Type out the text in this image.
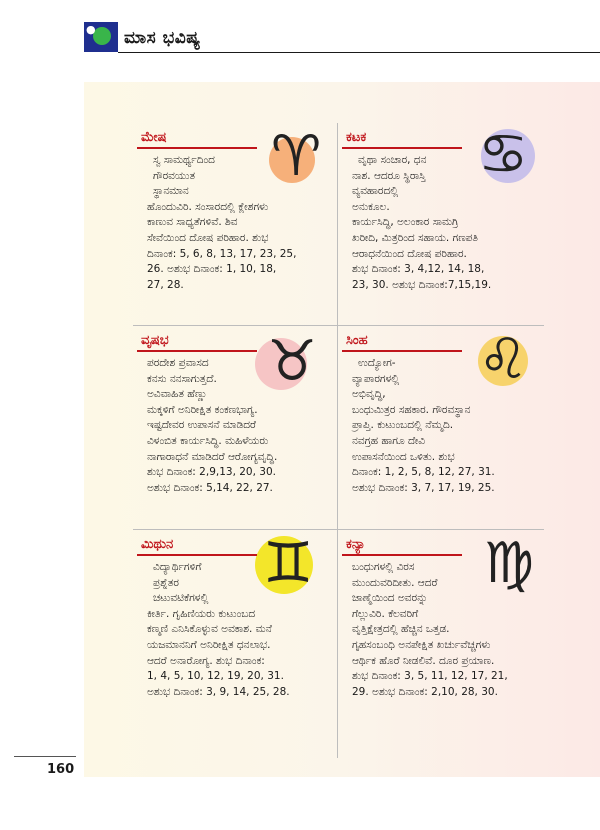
● ಮಾಸ ಭವಿಷ್ಯ
♈
ಮೇಷ
ಸ್ವ ಸಾಮರ್ಥ್ಯದಿಂದ
ಗೌರವಯುತ
ಸ್ಥಾನಮಾನ
ಹೊಂದುವಿರಿ. ಸಂಸಾರದಲ್ಲಿ ಕ್ಲೇಶಗಳು
ಕಾಣುವ ಸಾಧ್ಯತೆಗಳಿವೆ. ಶಿವ
ಸೇವೆಯಿಂದ ದೋಷ ಪರಿಹಾರ. ಶುಭ
ದಿನಾಂಕ: 5, 6, 8, 13, 17, 23, 25,
26. ಅಶುಭ ದಿನಾಂಕ: 1, 10, 18,
27, 28.
♋
ಕಟಕ
ವೃಥಾ ಸಂಚಾರ, ಧನ
ನಾಶ. ಆದರೂ ಸ್ಥಿರಾಸ್ತಿ
ವ್ಯವಹಾರದಲ್ಲಿ
ಅನುಕೂಲ.
ಕಾರ್ಯಸಿದ್ಧಿ, ಅಲಂಕಾರ ಸಾಮಗ್ರಿ
ಖರೀದಿ, ಮಿತ್ರರಿಂದ ಸಹಾಯ. ಗಣಪತಿ
ಆರಾಧನೆಯಿಂದ ದೋಷ ಪರಿಹಾರ.
ಶುಭ ದಿನಾಂಕ: 3, 4,12, 14, 18,
23, 30. ಅಶುಭ ದಿನಾಂಕ:7,15,19.
♉
ವೃಷಭ
ಪರದೇಶ ಪ್ರವಾಸದ
ಕನಸು ನನಸಾಗುತ್ತದೆ.
ಅವಿವಾಹಿತ ಹೆಣ್ಣು
ಮಕ್ಕಳಿಗೆ ಅನಿರೀಕ್ಷಿತ ಕಂಕಣಭಾಗ್ಯ.
ಇಷ್ಟದೇವರ ಉಪಾಸನೆ ಮಾಡಿದರೆ
ವಿಳಂಬಿತ ಕಾರ್ಯಸಿದ್ಧಿ. ಮಹಿಳೆಯರು
ನಾಗಾರಾಧನೆ ಮಾಡಿದರೆ ಆರೋಗ್ಯವೃದ್ಧಿ.
ಶುಭ ದಿನಾಂಕ: 2,9,13, 20, 30.
ಅಶುಭ ದಿನಾಂಕ: 5,14, 22, 27.
♌
ಸಿಂಹ
ಉದ್ಯೋಗ-
ವ್ಯಾಪಾರಗಳಲ್ಲಿ
ಅಭಿವೃದ್ಧಿ,
ಬಂಧುಮಿತ್ರರ ಸಹಕಾರ. ಗೌರವಸ್ಥಾನ
ಪ್ರಾಪ್ತಿ. ಕುಟುಂಬದಲ್ಲಿ ನೆಮ್ಮದಿ.
ನವಗ್ರಹ ಹಾಗೂ ದೇವಿ
ಉಪಾಸನೆಯಿಂದ ಒಳಿತು. ಶುಭ
ದಿನಾಂಕ: 1, 2, 5, 8, 12, 27, 31.
ಅಶುಭ ದಿನಾಂಕ: 3, 7, 17, 19, 25.
♊
ಮಿಥುನ
ವಿದ್ಯಾರ್ಥಿಗಳಿಗೆ
ಪ್ರಶ್ನೆತರ
ಚಟುವಟಿಕೆಗಳಲ್ಲಿ
ಕೀರ್ತಿ. ಗೃಹಿಣಿಯರು ಕುಟುಂಬದ
ಕಣ್ಮಣಿ ಎನಿಸಿಕೊಳ್ಳುವ ಅವಕಾಶ. ಮನೆ
ಯಜಮಾನನಿಗೆ ಅನಿರೀಕ್ಷಿತ ಧನಲಾಭ.
ಆದರೆ ಅನಾರೋಗ್ಯ. ಶುಭ ದಿನಾಂಕ:
1, 4, 5, 10, 12, 19, 20, 31.
ಅಶುಭ ದಿನಾಂಕ: 3, 9, 14, 25, 28.
♍
ಕನ್ಯಾ
ಬಂಧುಗಳಲ್ಲಿ ವಿರಸ
ಮುಂದುವರಿದೀತು. ಆದರೆ
ಜಾಣ್ಮೆಯಿಂದ ಅವರನ್ನು
ಗೆಲ್ಲುವಿರಿ. ಕೆಲವರಿಗೆ
ವೃತ್ತಿಕ್ಷೇತ್ರದಲ್ಲಿ ಹೆಚ್ಚಿನ ಒತ್ತಡ.
ಗೃಹಸಂಬಂಧಿ ಅನಪೇಕ್ಷಿತ ಖರ್ಚುವೆಚ್ಚಗಳು
ಆರ್ಥಿಕ ಹೊರೆ ನೀಡಲಿವೆ. ದೂರ ಪ್ರಯಾಣ.
ಶುಭ ದಿನಾಂಕ: 3, 5, 11, 12, 17, 21,
29. ಅಶುಭ ದಿನಾಂಕ: 2,10, 28, 30.
160
